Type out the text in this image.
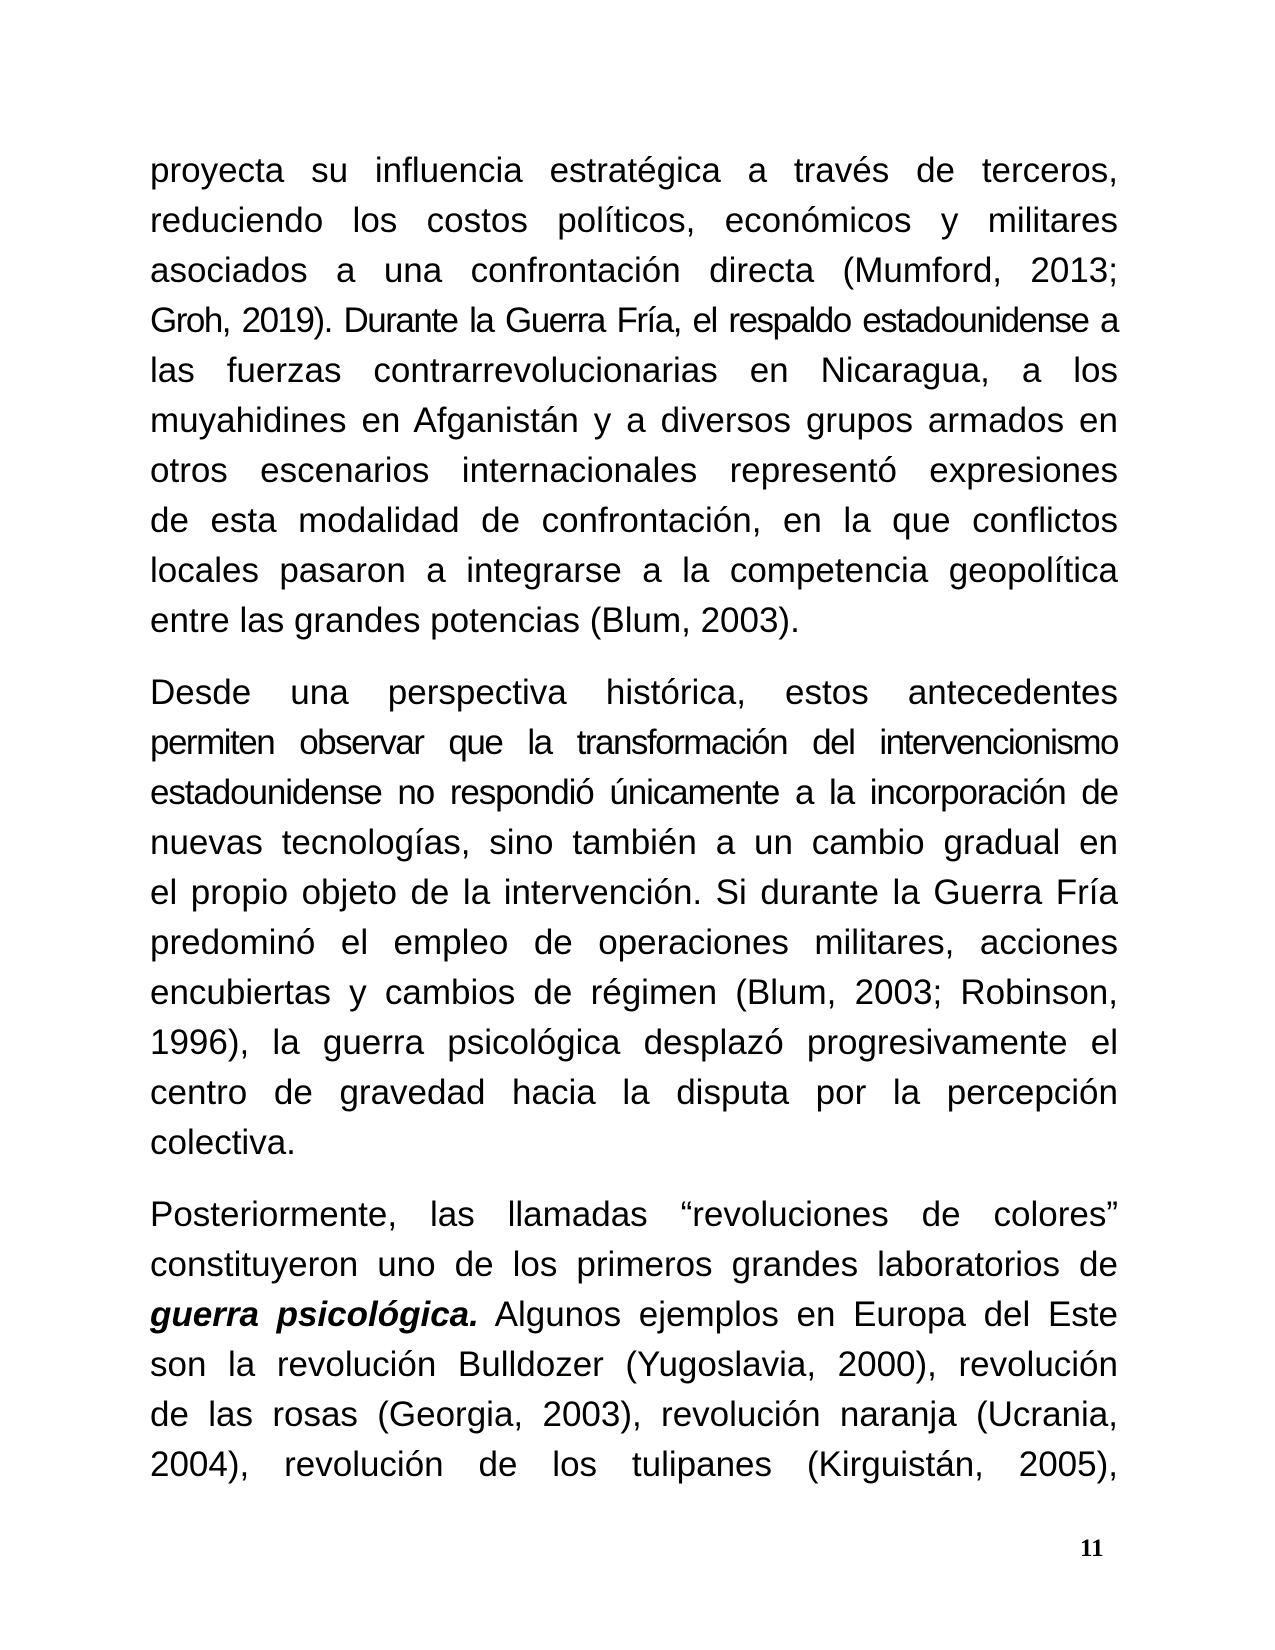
proyecta su influencia estratégica a través de terceros,
reduciendo los costos políticos, económicos y militares
asociados a una confrontación directa (Mumford, 2013;
Groh, 2019). Durante la Guerra Fría, el respaldo estadounidense a
las fuerzas contrarrevolucionarias en Nicaragua, a los
muyahidines en Afganistán y a diversos grupos armados en
otros escenarios internacionales representó expresiones
de esta modalidad de confrontación, en la que conflictos
locales pasaron a integrarse a la competencia geopolítica
entre las grandes potencias (Blum, 2003).

Desde una perspectiva histórica, estos antecedentes
permiten observar que la transformación del intervencionismo
estadounidense no respondió únicamente a la incorporación de
nuevas tecnologías, sino también a un cambio gradual en
el propio objeto de la intervención. Si durante la Guerra Fría
predominó el empleo de operaciones militares, acciones
encubiertas y cambios de régimen (Blum, 2003; Robinson,
1996), la guerra psicológica desplazó progresivamente el
centro de gravedad hacia la disputa por la percepción
colectiva.

Posteriormente, las llamadas “revoluciones de colores”
constituyeron uno de los primeros grandes laboratorios de
guerra psicológica. Algunos ejemplos en Europa del Este
son la revolución Bulldozer (Yugoslavia, 2000), revolución
de las rosas (Georgia, 2003), revolución naranja (Ucrania,
2004), revolución de los tulipanes (Kirguistán, 2005),

11
